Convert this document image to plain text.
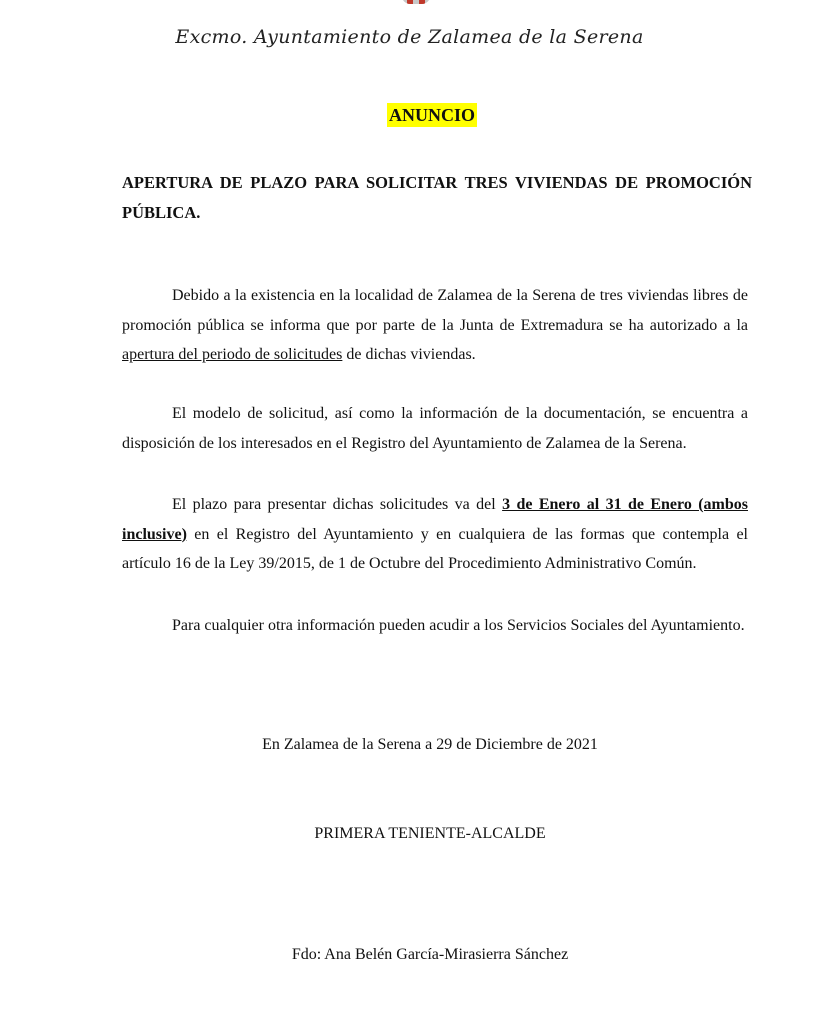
Excmo. Ayuntamiento de Zalamea de la Serena
ANUNCIO
APERTURA DE PLAZO PARA SOLICITAR TRES VIVIENDAS DE PROMOCIÓN PÚBLICA.
Debido a la existencia en la localidad de Zalamea de la Serena de tres viviendas libres de promoción pública se informa que por parte de la Junta de Extremadura se ha autorizado a la apertura del periodo de solicitudes de dichas viviendas.
El modelo de solicitud, así como la información de la documentación, se encuentra a disposición de los interesados en el Registro del Ayuntamiento de Zalamea de la Serena.
El plazo para presentar dichas solicitudes va del 3 de Enero al 31 de Enero (ambos inclusive) en el Registro del Ayuntamiento y en cualquiera de las formas que contempla el artículo 16 de la Ley 39/2015, de 1 de Octubre del Procedimiento Administrativo Común.
Para cualquier otra información pueden acudir a los Servicios Sociales del Ayuntamiento.
En Zalamea de la Serena a 29 de Diciembre de 2021
PRIMERA TENIENTE-ALCALDE
Fdo: Ana Belén García-Mirasierra Sánchez
